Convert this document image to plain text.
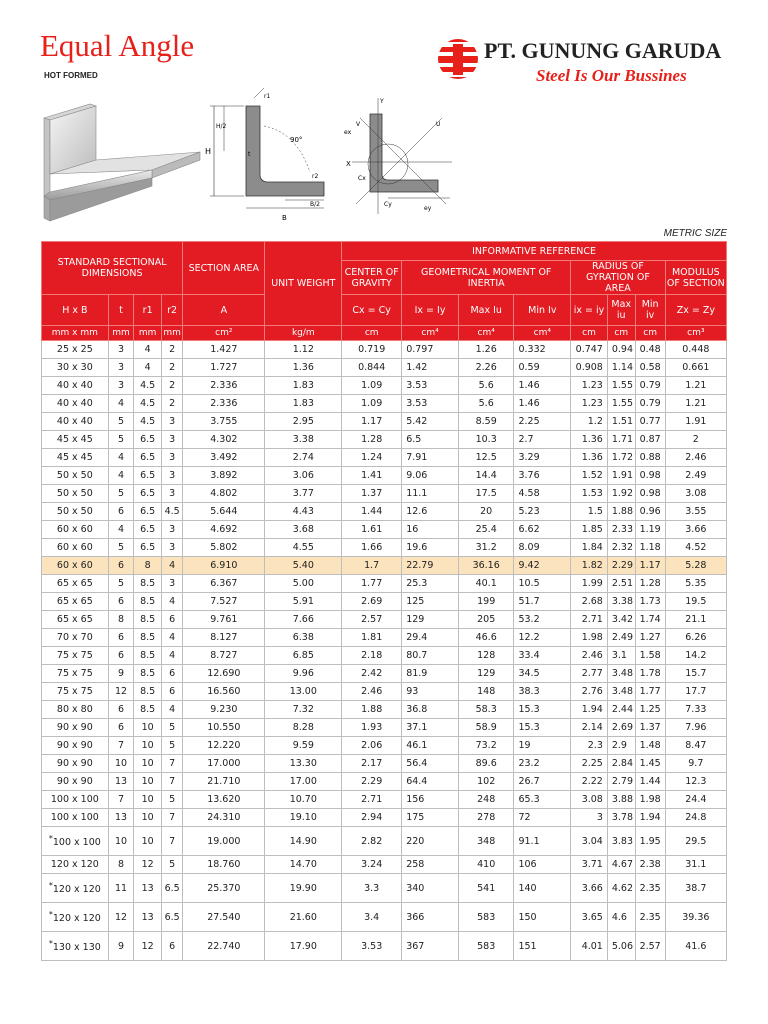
Equal Angle
HOT FORMED
PT. GUNUNG GARUDA
Steel Is Our Bussines
H
H/2
r1
90°
t
r2
B/2
B
Y
X
V	U
Cx
Cy
ey
ex
METRIC SIZE
STANDARD SECTIONAL DIMENSIONS				SECTION AREA	UNIT WEIGHT	INFORMATIVE REFERENCE							
						CENTER OF GRAVITY	GEOMETRICAL MOMENT OF INERTIA			RADIUS OF GYRATION OF AREA			MODULUS OF SECTION
H x B	t	r1	r2	A		Cx = Cy	Ix = Iy	Max Iu	Min Iv	ix = iy	Max iu	Min iv	Zx = Zy
mm x mm	mm	mm	mm	cm²	kg/m	cm	cm⁴	cm⁴	cm⁴	cm	cm	cm	cm³
25 x 25	3	4	2	1.427	1.12	0.719	0.797	1.26	0.332	0.747	0.94	0.48	0.448
30 x 30	3	4	2	1.727	1.36	0.844	1.42	2.26	0.59	0.908	1.14	0.58	0.661
40 x 40	3	4.5	2	2.336	1.83	1.09	3.53	5.6	1.46	1.23	1.55	0.79	1.21
40 x 40	4	4.5	2	2.336	1.83	1.09	3.53	5.6	1.46	1.23	1.55	0.79	1.21
40 x 40	5	4.5	3	3.755	2.95	1.17	5.42	8.59	2.25	1.2	1.51	0.77	1.91
45 x 45	5	6.5	3	4.302	3.38	1.28	6.5	10.3	2.7	1.36	1.71	0.87	2
45 x 45	4	6.5	3	3.492	2.74	1.24	7.91	12.5	3.29	1.36	1.72	0.88	2.46
50 x 50	4	6.5	3	3.892	3.06	1.41	9.06	14.4	3.76	1.52	1.91	0.98	2.49
50 x 50	5	6.5	3	4.802	3.77	1.37	11.1	17.5	4.58	1.53	1.92	0.98	3.08
50 x 50	6	6.5	4.5	5.644	4.43	1.44	12.6	20	5.23	1.5	1.88	0.96	3.55
60 x 60	4	6.5	3	4.692	3.68	1.61	16	25.4	6.62	1.85	2.33	1.19	3.66
60 x 60	5	6.5	3	5.802	4.55	1.66	19.6	31.2	8.09	1.84	2.32	1.18	4.52
60 x 60	6	8	4	6.910	5.40	1.7	22.79	36.16	9.42	1.82	2.29	1.17	5.28
65 x 65	5	8.5	3	6.367	5.00	1.77	25.3	40.1	10.5	1.99	2.51	1.28	5.35
65 x 65	6	8.5	4	7.527	5.91	2.69	125	199	51.7	2.68	3.38	1.73	19.5
65 x 65	8	8.5	6	9.761	7.66	2.57	129	205	53.2	2.71	3.42	1.74	21.1
70 x 70	6	8.5	4	8.127	6.38	1.81	29.4	46.6	12.2	1.98	2.49	1.27	6.26
75 x 75	6	8.5	4	8.727	6.85	2.18	80.7	128	33.4	2.46	3.1	1.58	14.2
75 x 75	9	8.5	6	12.690	9.96	2.42	81.9	129	34.5	2.77	3.48	1.78	15.7
75 x 75	12	8.5	6	16.560	13.00	2.46	93	148	38.3	2.76	3.48	1.77	17.7
80 x 80	6	8.5	4	9.230	7.32	1.88	36.8	58.3	15.3	1.94	2.44	1.25	7.33
90 x 90	6	10	5	10.550	8.28	1.93	37.1	58.9	15.3	2.14	2.69	1.37	7.96
90 x 90	7	10	5	12.220	9.59	2.06	46.1	73.2	19	2.3	2.9	1.48	8.47
90 x 90	10	10	7	17.000	13.30	2.17	56.4	89.6	23.2	2.25	2.84	1.45	9.7
90 x 90	13	10	7	21.710	17.00	2.29	64.4	102	26.7	2.22	2.79	1.44	12.3
100 x 100	7	10	5	13.620	10.70	2.71	156	248	65.3	3.08	3.88	1.98	24.4
100 x 100	13	10	7	24.310	19.10	2.94	175	278	72	3	3.78	1.94	24.8
*100 x 100	10	10	7	19.000	14.90	2.82	220	348	91.1	3.04	3.83	1.95	29.5
120 x 120	8	12	5	18.760	14.70	3.24	258	410	106	3.71	4.67	2.38	31.1
*120 x 120	11	13	6.5	25.370	19.90	3.3	340	541	140	3.66	4.62	2.35	38.7
*120 x 120	12	13	6.5	27.540	21.60	3.4	366	583	150	3.65	4.6	2.35	39.36
*130 x 130	9	12	6	22.740	17.90	3.53	367	583	151	4.01	5.06	2.57	41.6
